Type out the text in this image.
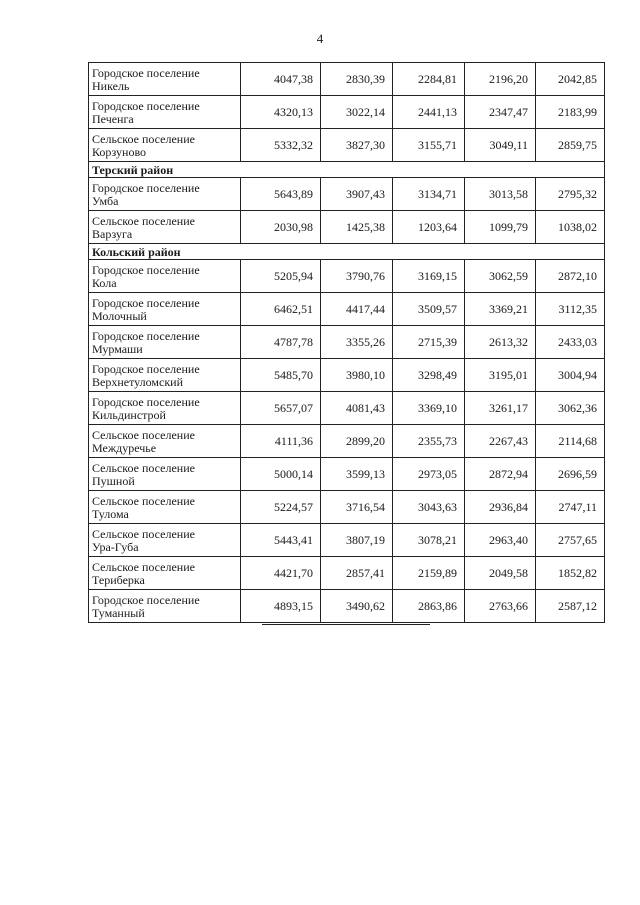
4
Городское поселение
Никель	4047,38	2830,39	2284,81	2196,20	2042,85

Городское поселение
Печенга	4320,13	3022,14	2441,13	2347,47	2183,99

Сельское поселение
Корзуново	5332,32	3827,30	3155,71	3049,11	2859,75
Терский район					

Городское поселение
Умба	5643,89	3907,43	3134,71	3013,58	2795,32

Сельское поселение
Варзуга	2030,98	1425,38	1203,64	1099,79	1038,02
Кольский район					

Городское поселение
Кола	5205,94	3790,76	3169,15	3062,59	2872,10

Городское поселение
Молочный	6462,51	4417,44	3509,57	3369,21	3112,35

Городское поселение
Мурмаши	4787,78	3355,26	2715,39	2613,32	2433,03

Городское поселение
Верхнетуломский	5485,70	3980,10	3298,49	3195,01	3004,94

Городское поселение
Кильдинстрой	5657,07	4081,43	3369,10	3261,17	3062,36

Сельское поселение
Междуречье	4111,36	2899,20	2355,73	2267,43	2114,68

Сельское поселение
Пушной	5000,14	3599,13	2973,05	2872,94	2696,59

Сельское поселение
Тулома	5224,57	3716,54	3043,63	2936,84	2747,11

Сельское поселение
Ура-Губа	5443,41	3807,19	3078,21	2963,40	2757,65

Сельское поселение
Териберка	4421,70	2857,41	2159,89	2049,58	1852,82

Городское поселение
Туманный	4893,15	3490,62	2863,86	2763,66	2587,12
